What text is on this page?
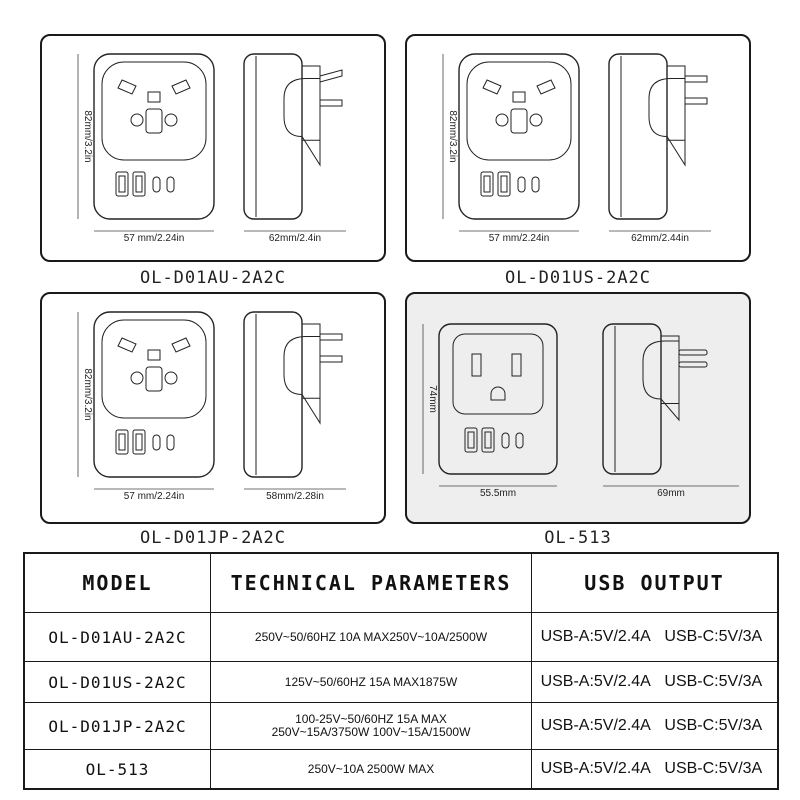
82mm/3.2in
57 mm/2.24in	62mm/2.4in
OL-D01AU-2A2C
82mm/3.2in
57 mm/2.24in	62mm/2.44in
OL-D01US-2A2C
82mm/3.2in
57 mm/2.24in	58mm/2.28in
OL-D01JP-2A2C
74mm
55.5mm	69mm
OL-513
MODEL	TECHNICAL PARAMETERS	USB OUTPUT
OL-D01AU-2A2C	250V~50/60HZ 10A MAX250V~10A/2500W	USB-A:5V/2.4A USB-C:5V/3A
OL-D01US-2A2C	125V~50/60HZ 15A MAX1875W	USB-A:5V/2.4A USB-C:5V/3A
OL-D01JP-2A2C	100-25V~50/60HZ 15A MAX
250V~15A/3750W 100V~15A/1500W	USB-A:5V/2.4A USB-C:5V/3A
OL-513	250V~10A 2500W MAX	USB-A:5V/2.4A USB-C:5V/3A
